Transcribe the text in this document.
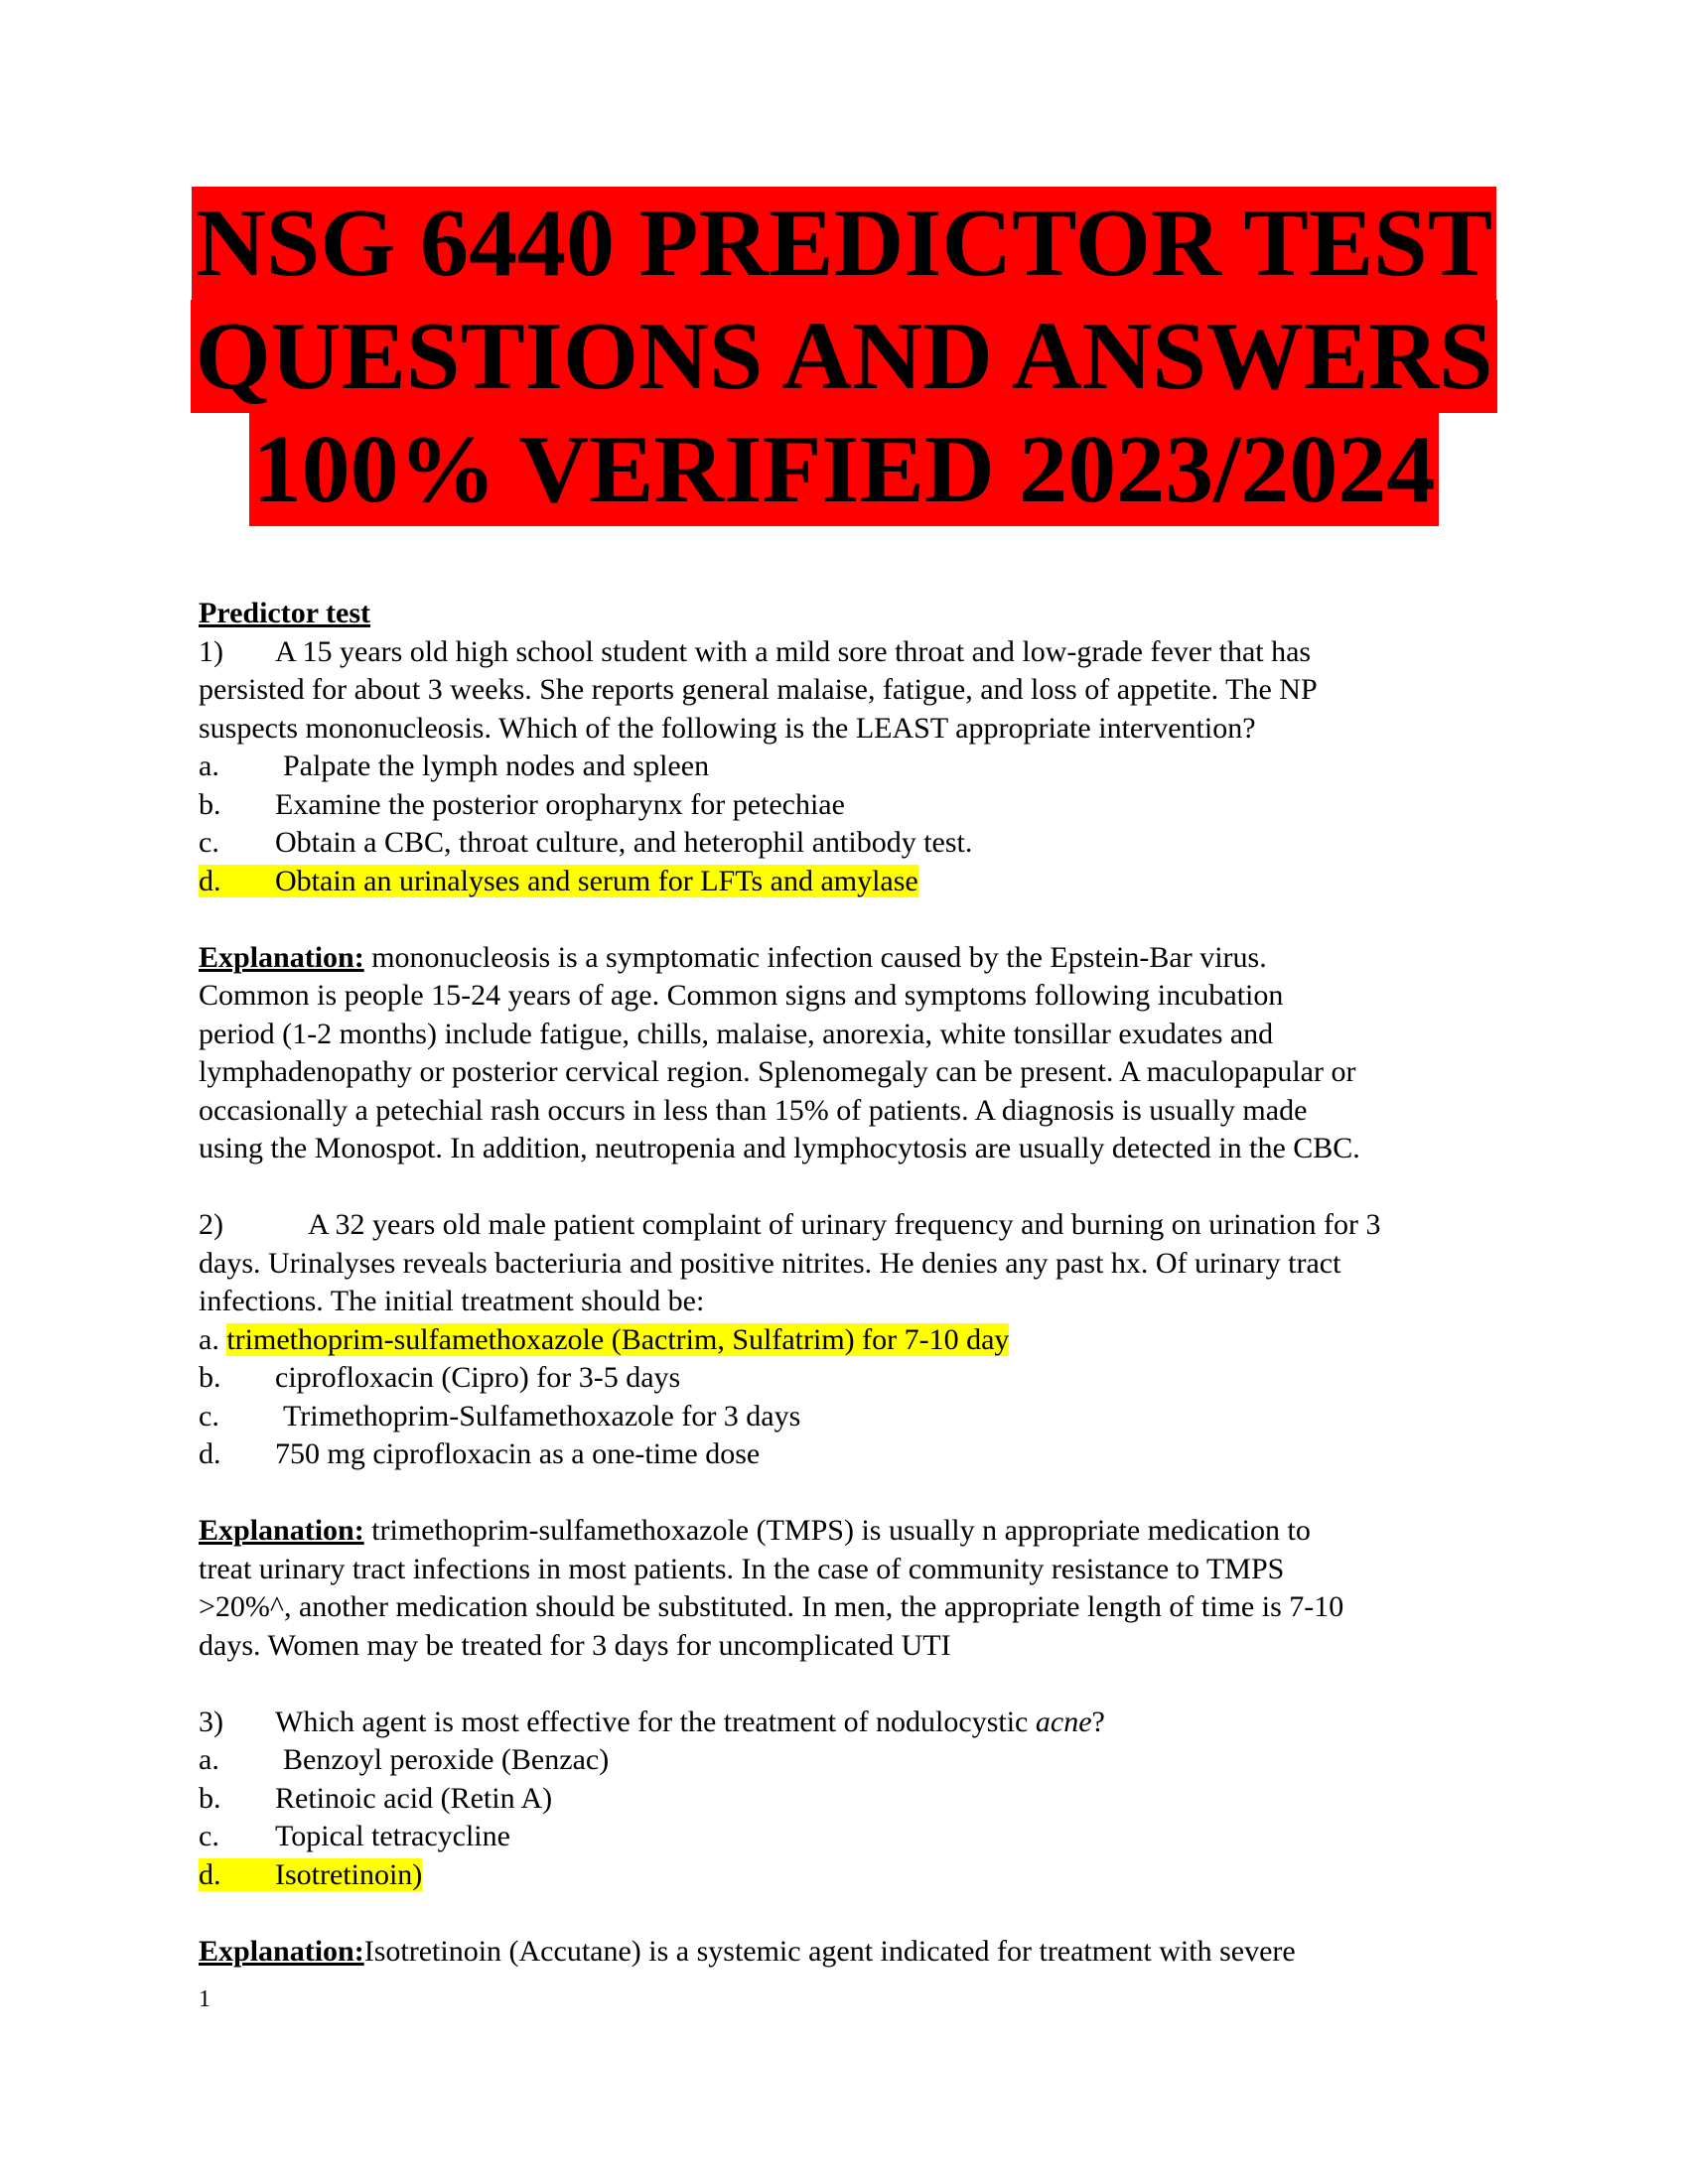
NSG 6440 PREDICTOR TEST
QUESTIONS AND ANSWERS
100% VERIFIED 2023/2024
Predictor test
1) A 15 years old high school student with a mild sore throat and low-grade fever that has
persisted for about 3 weeks. She reports general malaise, fatigue, and loss of appetite. The NP
suspects mononucleosis. Which of the following is the LEAST appropriate intervention?
a. Palpate the lymph nodes and spleen
b. Examine the posterior oropharynx for petechiae
c. Obtain a CBC, throat culture, and heterophil antibody test.
d. Obtain an urinalyses and serum for LFTs and amylase
Explanation: mononucleosis is a symptomatic infection caused by the Epstein-Bar virus.
Common is people 15-24 years of age. Common signs and symptoms following incubation
period (1-2 months) include fatigue, chills, malaise, anorexia, white tonsillar exudates and
lymphadenopathy or posterior cervical region. Splenomegaly can be present. A maculopapular or
occasionally a petechial rash occurs in less than 15% of patients. A diagnosis is usually made
using the Monospot. In addition, neutropenia and lymphocytosis are usually detected in the CBC.
2)	A 32 years old male patient complaint of urinary frequency and burning on urination for 3
days. Urinalyses reveals bacteriuria and positive nitrites. He denies any past hx. Of urinary tract
infections. The initial treatment should be:
a. trimethoprim-sulfamethoxazole (Bactrim, Sulfatrim) for 7-10 day
b. ciprofloxacin (Cipro) for 3-5 days
c. Trimethoprim-Sulfamethoxazole for 3 days
d. 750 mg ciprofloxacin as a one-time dose
Explanation: trimethoprim-sulfamethoxazole (TMPS) is usually n appropriate medication to
treat urinary tract infections in most patients. In the case of community resistance to TMPS
>20%^, another medication should be substituted. In men, the appropriate length of time is 7-10
days. Women may be treated for 3 days for uncomplicated UTI
3) Which agent is most effective for the treatment of nodulocystic acne?
a. Benzoyl peroxide (Benzac)
b. Retinoic acid (Retin A)
c. Topical tetracycline
d. Isotretinoin)
Explanation:Isotretinoin (Accutane) is a systemic agent indicated for treatment with severe
1
